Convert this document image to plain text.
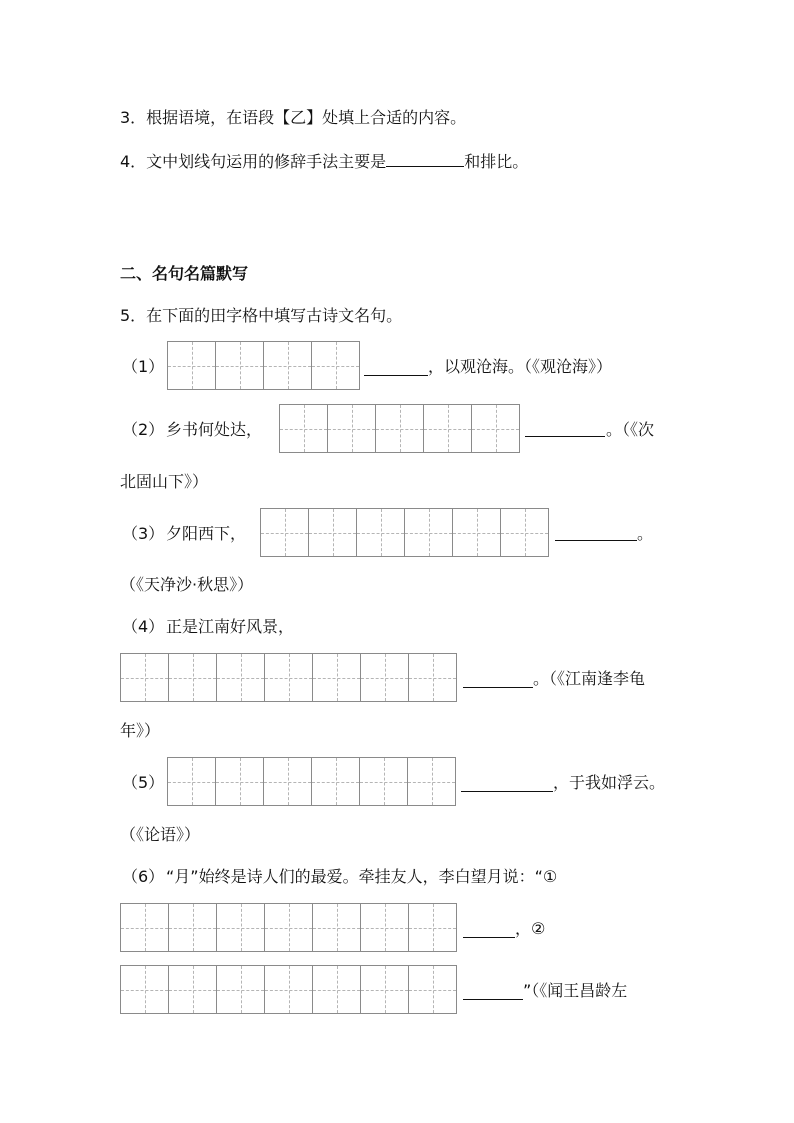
3．根据语境，在语段【乙】处填上合适的内容。
4．文中划线句运用的修辞手法主要是	和排比。
二、名句名篇默写
5．在下面的田字格中填写古诗文名句。
（1）	，以观沧海。（《观沧海》）
（2） 乡书何处达，	。（《次
北固山下》）
（3） 夕阳西下，	。
（《天净沙·秋思》）
（4） 正是江南好风景，
。（《江南逢李龟
年》）
（5）	，于我如浮云。
（《论语》）
（6） “月”始终是诗人们的最爱。牵挂友人，李白望月说：“①
，②
”（《闻王昌龄左
